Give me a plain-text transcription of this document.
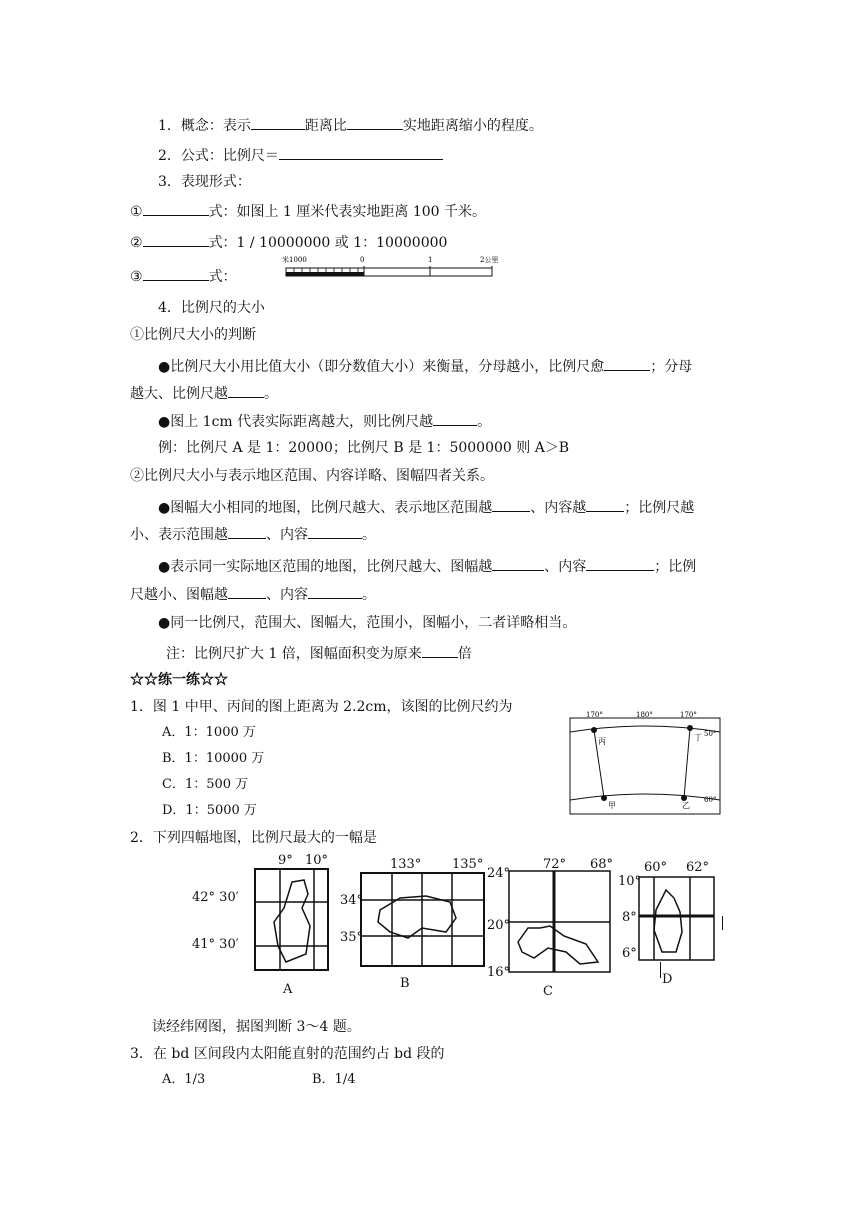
1．概念：表示	距离比	实地距离缩小的程度。
2．公式：比例尺＝
3．表现形式：
①	式：如图上 1 厘米代表实地距离 100 千米。
②	式：1 / 10000000 或 1：10000000
③	式：
米1000	0	1	2公里
4．比例尺的大小
①比例尺大小的判断
●比例尺大小用比值大小（即分数值大小）来衡量，分母越小，比例尺愈	；分母
越大、比例尺越	。
●图上 1cm 代表实际距离越大，则比例尺越	。
例：比例尺 A 是 1：20000；比例尺 B 是 1：5000000 则 A＞B
②比例尺大小与表示地区范围、内容详略、图幅四者关系。
●图幅大小相同的地图，比例尺越大、表示地区范围越	、内容越	；比例尺越
小、表示范围越	、内容	。
●表示同一实际地区范围的地图，比例尺越大、图幅越	、内容	；比例
尺越小、图幅越	、内容	。
●同一比例尺，范围大、图幅大，范围小，图幅小，二者详略相当。
注：比例尺扩大 1 倍，图幅面积变为原来	倍
☆☆练一练☆☆
1．图 1 中甲、丙间的图上距离为 2.2cm，该图的比例尺约为
A．1：1000 万
B．1：10000 万
C．1：500 万
D．1：5000 万
170°	180°	170°
丙	丁
甲	乙
50°
60°
2．下列四幅地图，比例尺最大的一幅是
9° 10°
42° 30′
41° 30′
A
133° 135°
34°
35°
B
72° 68°
24°
20°
16°
C
60° 62°
10°
8°
6°
D
读经纬网图，据图判断 3～4 题。
3．在 bd 区间段内太阳能直射的范围约占 bd 段的
A．1/3	B．1/4
